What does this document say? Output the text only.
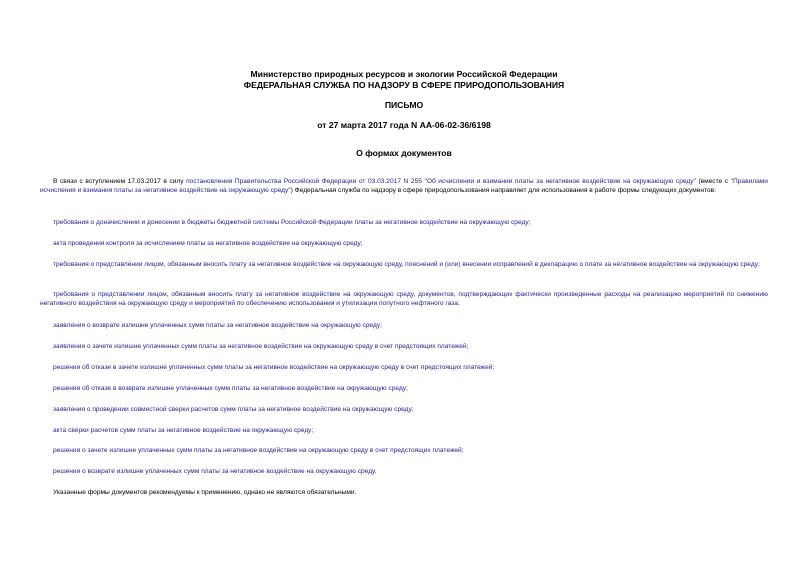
Министерство природных ресурсов и экологии Российской Федерации
ФЕДЕРАЛЬНАЯ СЛУЖБА ПО НАДЗОРУ В СФЕРЕ ПРИРОДОПОЛЬЗОВАНИЯ
ПИСЬМО
от 27 марта 2017 года N АА-06-02-36/6198
О формах документов
В связи с вступлением 17.03.2017 в силу постановления Правительства Российской Федерации от 03.03.2017 N 255 "Об исчислении и взимании платы за негативное воздействие на окружающую среду" (вместе с "Правилами исчисления и взимания платы за негативное воздействие на окружающую среду") Федеральная служба по надзору в сфере природопользования направляет для использования в работе формы следующих документов:
требования о доначислении и донесении в бюджеты бюджетной системы Российской Федерации платы за негативное воздействие на окружающую среду;
акта проведения контроля за исчислением платы за негативное воздействие на окружающую среду;
требования о представлении лицом, обязанным вносить плату за негативное воздействие на окружающую среду, пояснений и (или) внесении исправлений в декларацию о плате за негативное воздействие на окружающую среду;
требования о представлении лицом, обязанным вносить плату за негативное воздействие на окружающую среду, документов, подтверждающих фактически произведенные расходы на реализацию мероприятий по снижению негативного воздействия на окружающую среду и мероприятий по обеспечению использования и утилизации попутного нефтяного газа;
заявления о возврате излишне уплаченных сумм платы за негативное воздействие на окружающую среду;
заявления о зачете излишне уплаченных сумм платы за негативное воздействие на окружающую среду в счет предстоящих платежей;
решения об отказе в зачете излишне уплаченных сумм платы за негативное воздействие на окружающую среду в счет предстоящих платежей;
решения об отказе в возврате излишне уплаченных сумм платы за негативное воздействие на окружающую среду;
заявления о проведении совместной сверки расчетов сумм платы за негативное воздействие на окружающую среду;
акта сверки расчетов сумм платы за негативное воздействие на окружающую среду;
решения о зачете излишне уплаченных сумм платы за негативное воздействие на окружающую среду в счет предстоящих платежей;
решения о возврате излишне уплаченных сумм платы за негативное воздействие на окружающую среду.
Указанные формы документов рекомендуемы к применению, однако не являются обязательными.
